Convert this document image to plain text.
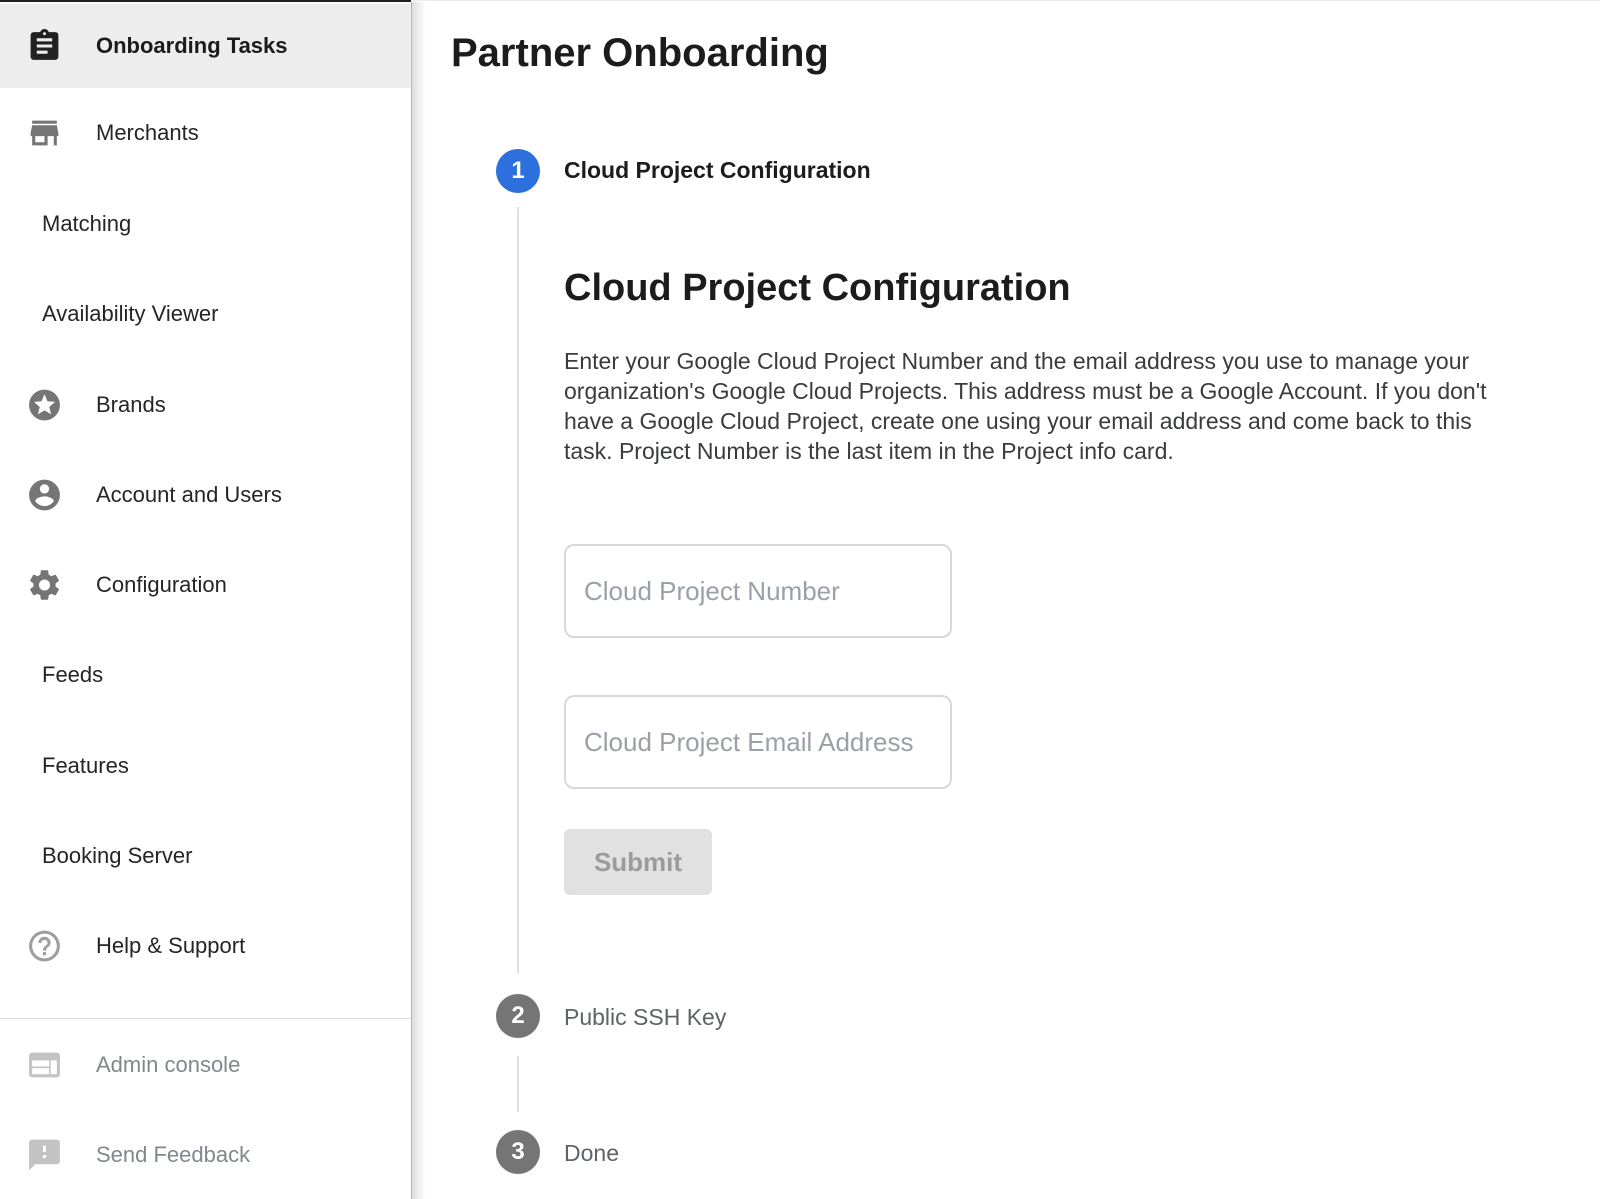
Onboarding Tasks
Merchants
Matching
Availability Viewer
Brands
Account and Users
Configuration
Feeds
Features
Booking Server
Help & Support
Admin console
Send Feedback
Partner Onboarding
1 Cloud Project Configuration
Cloud Project Configuration
Enter your Google Cloud Project Number and the email address you use to manage your organization's Google Cloud Projects. This address must be a Google Account. If you don't have a Google Cloud Project, create one using your email address and come back to this task. Project Number is the last item in the Project info card.
Cloud Project Number
Cloud Project Email Address
Submit
2 Public SSH Key
3 Done
